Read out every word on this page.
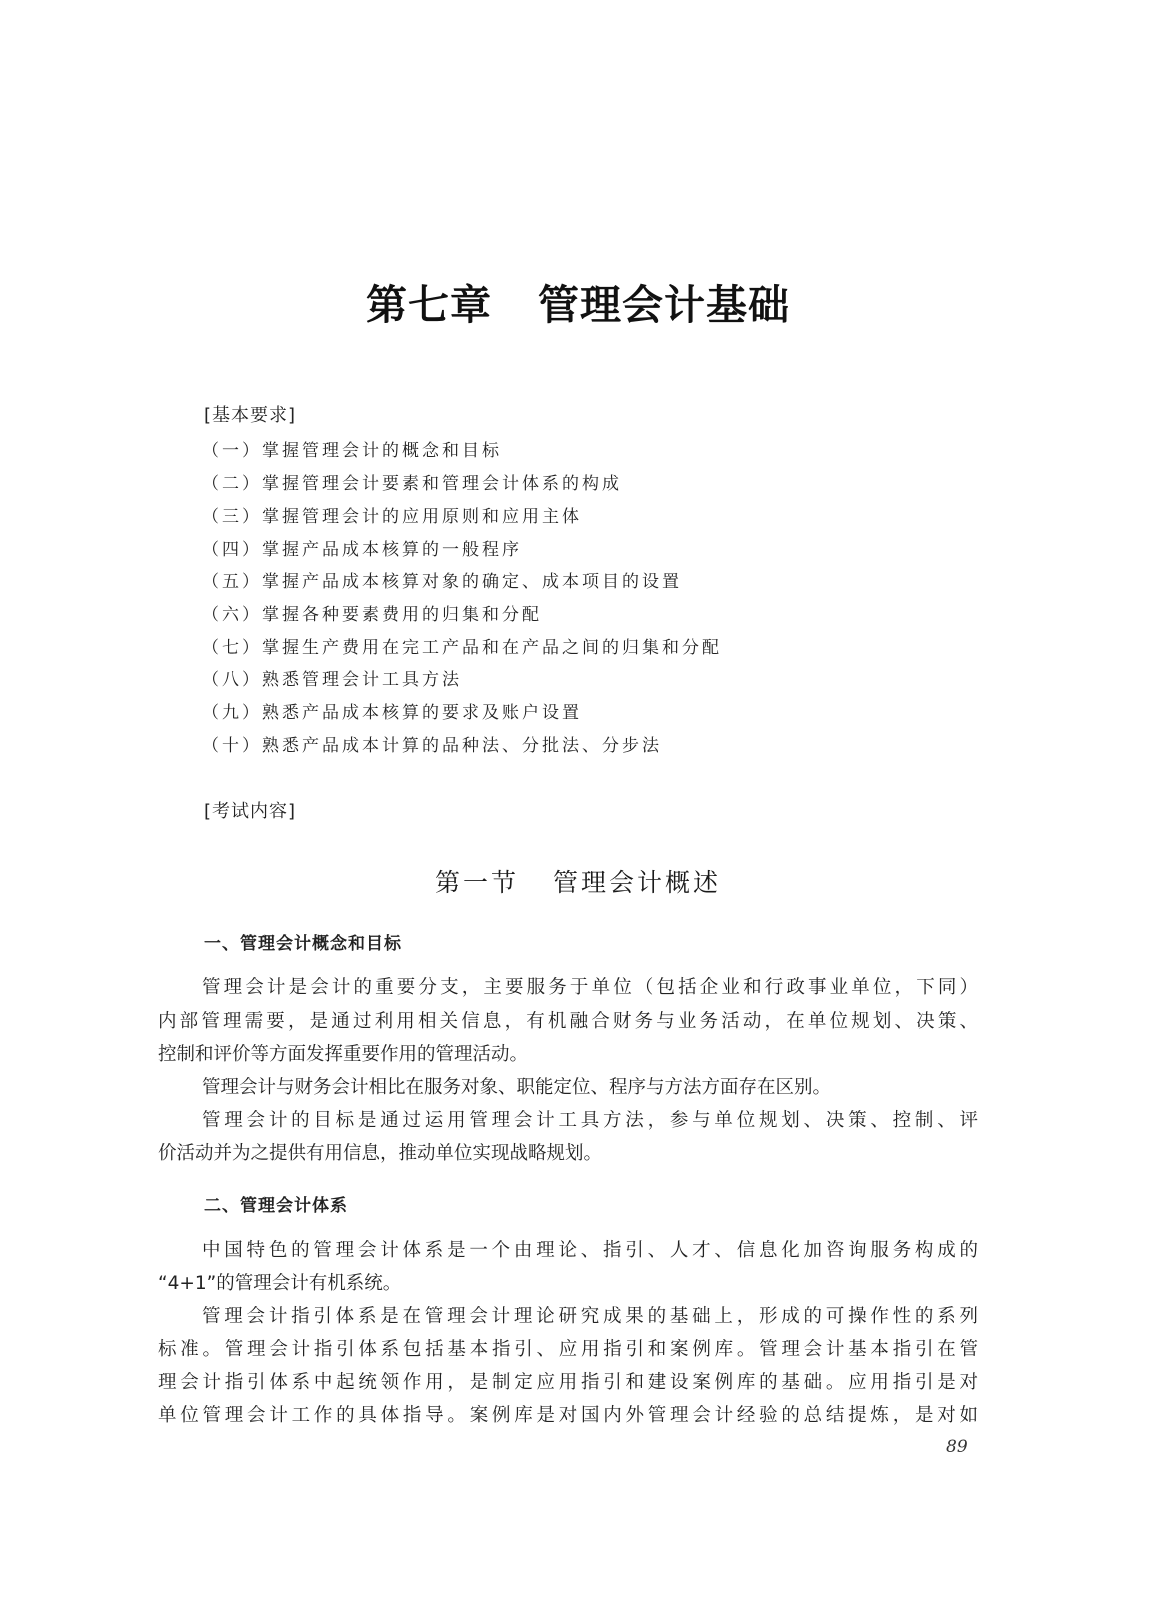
第七章 管理会计基础
[基本要求]
（一）掌握管理会计的概念和目标
（二）掌握管理会计要素和管理会计体系的构成
（三）掌握管理会计的应用原则和应用主体
（四）掌握产品成本核算的一般程序
（五）掌握产品成本核算对象的确定、成本项目的设置
（六）掌握各种要素费用的归集和分配
（七）掌握生产费用在完工产品和在产品之间的归集和分配
（八）熟悉管理会计工具方法
（九）熟悉产品成本核算的要求及账户设置
（十）熟悉产品成本计算的品种法、分批法、分步法
[考试内容]
第一节 管理会计概述
一、管理会计概念和目标
管理会计是会计的重要分支，主要服务于单位（包括企业和行政事业单位，下同）
内部管理需要，是通过利用相关信息，有机融合财务与业务活动，在单位规划、决策、
控制和评价等方面发挥重要作用的管理活动。
管理会计与财务会计相比在服务对象、职能定位、程序与方法方面存在区别。
管理会计的目标是通过运用管理会计工具方法，参与单位规划、决策、控制、评
价活动并为之提供有用信息，推动单位实现战略规划。
二、管理会计体系
中国特色的管理会计体系是一个由理论、指引、人才、信息化加咨询服务构成的
“4+1”的管理会计有机系统。
管理会计指引体系是在管理会计理论研究成果的基础上，形成的可操作性的系列
标准。管理会计指引体系包括基本指引、应用指引和案例库。管理会计基本指引在管
理会计指引体系中起统领作用，是制定应用指引和建设案例库的基础。应用指引是对
单位管理会计工作的具体指导。案例库是对国内外管理会计经验的总结提炼，是对如
89
